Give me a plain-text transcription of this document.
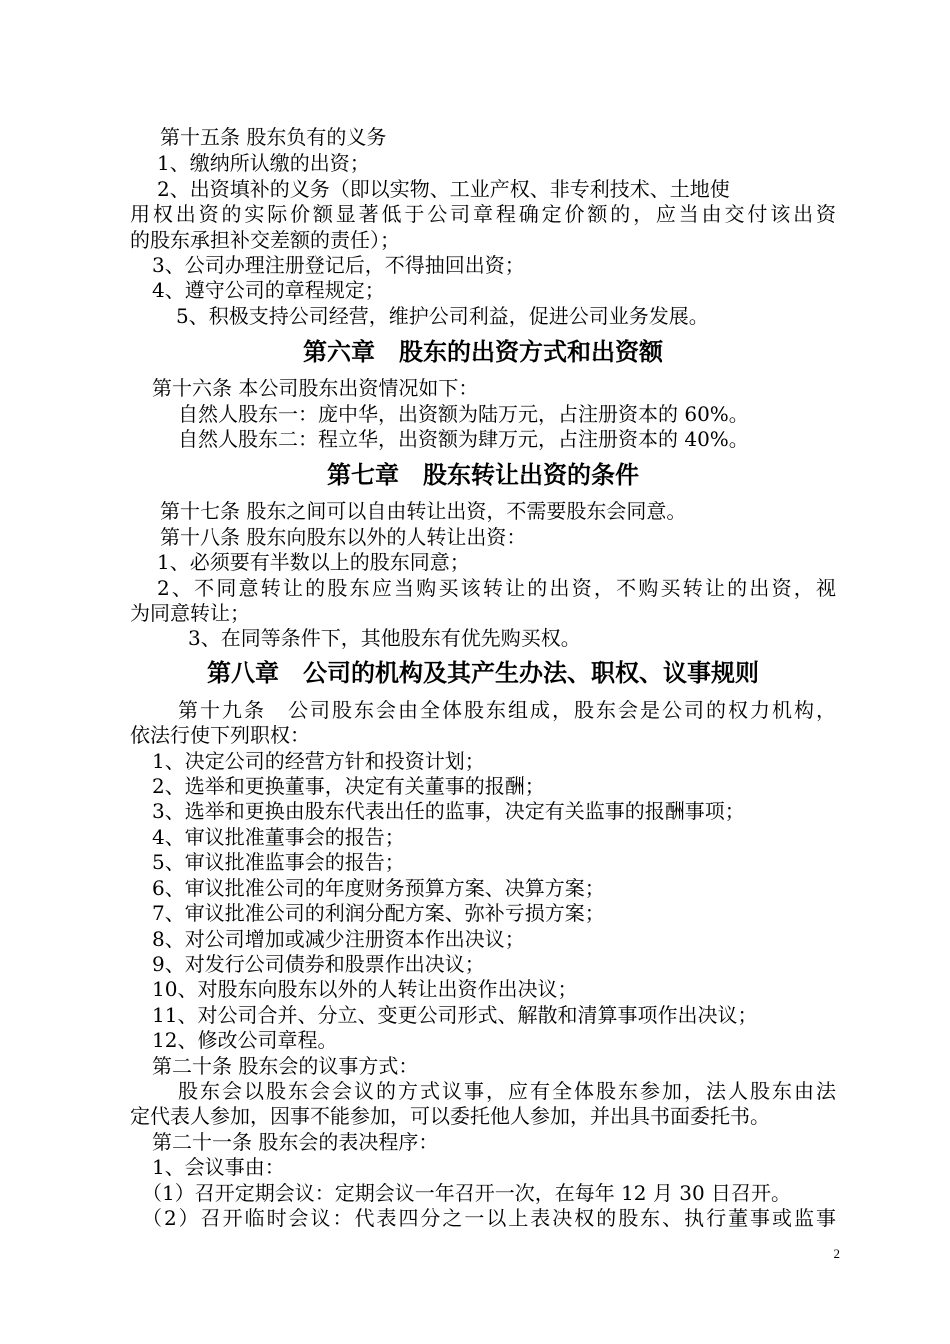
第十五条 股东负有的义务
1、缴纳所认缴的出资；
2、出资填补的义务（即以实物、工业产权、非专利技术、土地使
用权出资的实际价额显著低于公司章程确定价额的，应当由交付该出资
的股东承担补交差额的责任）；
3、公司办理注册登记后，不得抽回出资；
4、遵守公司的章程规定；
5、积极支持公司经营，维护公司利益，促进公司业务发展。
第六章　股东的出资方式和出资额
第十六条 本公司股东出资情况如下：
自然人股东一：庞中华，出资额为陆万元，占注册资本的 60%。
自然人股东二：程立华，出资额为肆万元，占注册资本的 40%。
第七章　股东转让出资的条件
第十七条 股东之间可以自由转让出资，不需要股东会同意。
第十八条 股东向股东以外的人转让出资：
1、必须要有半数以上的股东同意；
2、不同意转让的股东应当购买该转让的出资，不购买转让的出资，视
为同意转让；
3、在同等条件下，其他股东有优先购买权。
第八章　公司的机构及其产生办法、职权、议事规则
第十九条　公司股东会由全体股东组成，股东会是公司的权力机构，
依法行使下列职权：
1、决定公司的经营方针和投资计划；
2、选举和更换董事，决定有关董事的报酬；
3、选举和更换由股东代表出任的监事，决定有关监事的报酬事项；
4、审议批准董事会的报告；
5、审议批准监事会的报告；
6、审议批准公司的年度财务预算方案、决算方案；
7、审议批准公司的利润分配方案、弥补亏损方案；
8、对公司增加或减少注册资本作出决议；
9、对发行公司债券和股票作出决议；
10、对股东向股东以外的人转让出资作出决议；
11、对公司合并、分立、变更公司形式、解散和清算事项作出决议；
12、修改公司章程。
第二十条 股东会的议事方式：
股东会以股东会会议的方式议事，应有全体股东参加，法人股东由法
定代表人参加，因事不能参加，可以委托他人参加，并出具书面委托书。
第二十一条 股东会的表决程序：
1、会议事由：
（1）召开定期会议：定期会议一年召开一次，在每年 12 月 30 日召开。
（2）召开临时会议：代表四分之一以上表决权的股东、执行董事或监事
2
